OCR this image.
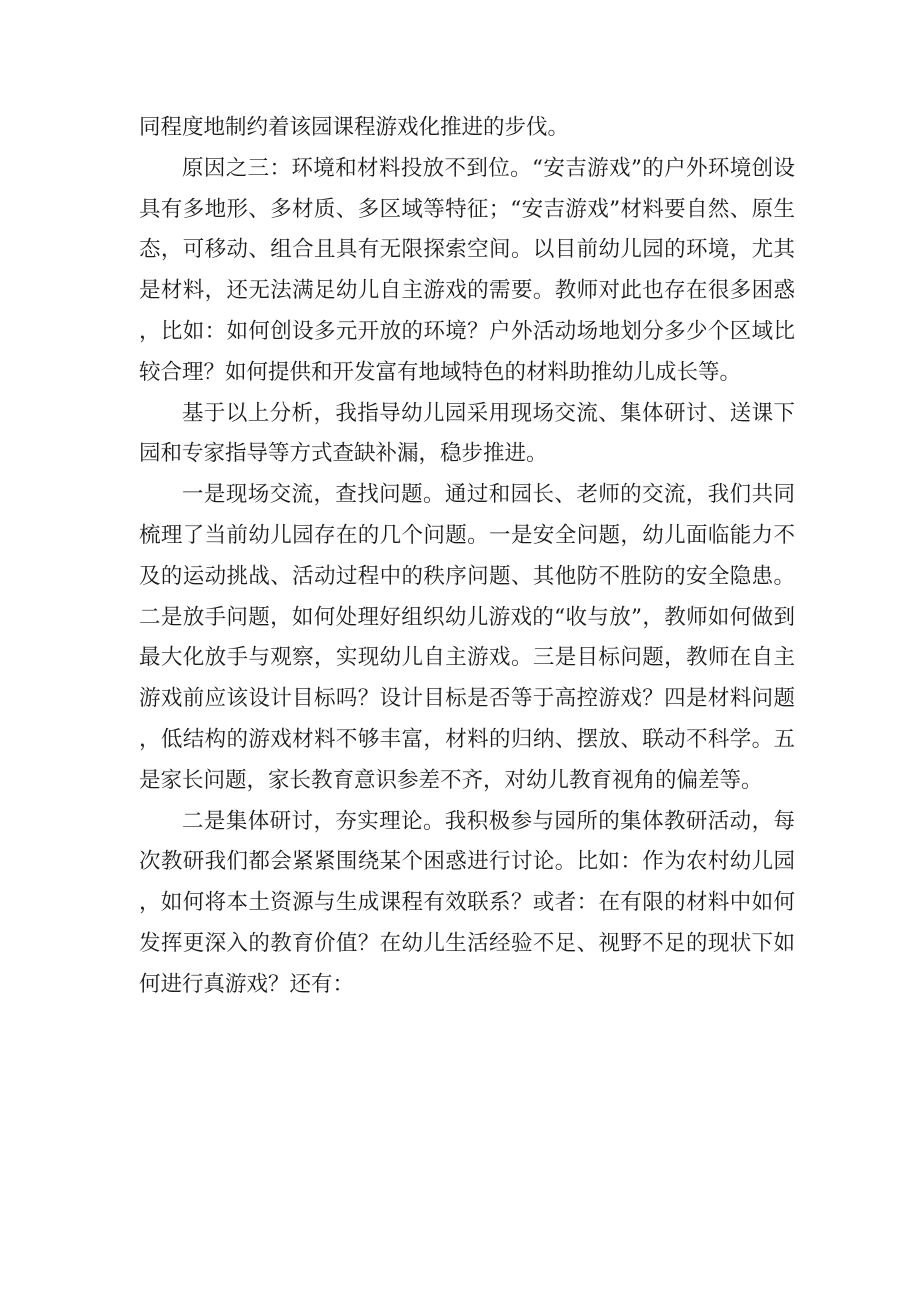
同程度地制约着该园课程游戏化推进的步伐。

原因之三：环境和材料投放不到位。“安吉游戏”的户外环境创设具有多地形、多材质、多区域等特征；“安吉游戏”材料要自然、原生态，可移动、组合且具有无限探索空间。以目前幼儿园的环境，尤其是材料，还无法满足幼儿自主游戏的需要。教师对此也存在很多困惑，比如：如何创设多元开放的环境？户外活动场地划分多少个区域比较合理？如何提供和开发富有地域特色的材料助推幼儿成长等。

基于以上分析，我指导幼儿园采用现场交流、集体研讨、送课下园和专家指导等方式查缺补漏，稳步推进。

一是现场交流，查找问题。通过和园长、老师的交流，我们共同梳理了当前幼儿园存在的几个问题。一是安全问题，幼儿面临能力不及的运动挑战、活动过程中的秩序问题、其他防不胜防的安全隐患。二是放手问题，如何处理好组织幼儿游戏的“收与放”，教师如何做到最大化放手与观察，实现幼儿自主游戏。三是目标问题，教师在自主游戏前应该设计目标吗？设计目标是否等于高控游戏？四是材料问题，低结构的游戏材料不够丰富，材料的归纳、摆放、联动不科学。五是家长问题，家长教育意识参差不齐，对幼儿教育视角的偏差等。

二是集体研讨，夯实理论。我积极参与园所的集体教研活动，每次教研我们都会紧紧围绕某个困惑进行讨论。比如：作为农村幼儿园，如何将本土资源与生成课程有效联系？或者：在有限的材料中如何发挥更深入的教育价值？在幼儿生活经验不足、视野不足的现状下如何进行真游戏？还有：
